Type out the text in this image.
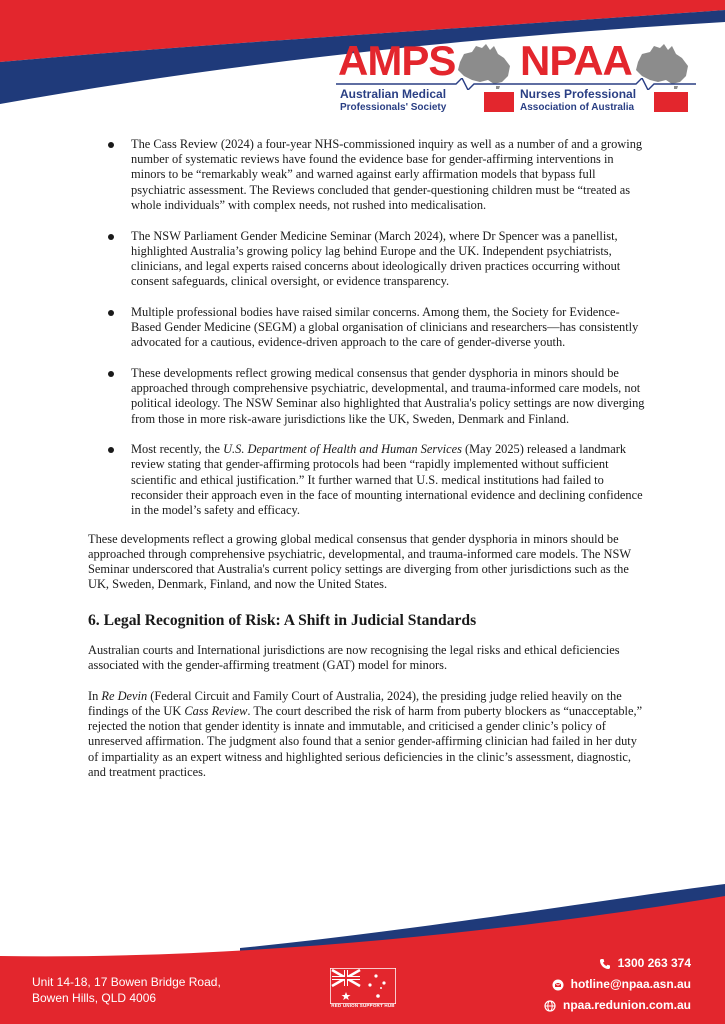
AMPS NPAA
Australian Medical
Professionals' Society
Nurses Professional
Association of Australia
The Cass Review (2024) a four-year NHS-commissioned inquiry as well as a number of and a growing number of systematic reviews have found the evidence base for gender-affirming interventions in minors to be “remarkably weak” and warned against early affirmation models that bypass full psychiatric assessment. The Reviews concluded that gender-questioning children must be “treated as whole individuals” with complex needs, not rushed into medicalisation.
The NSW Parliament Gender Medicine Seminar (March 2024), where Dr Spencer was a panellist, highlighted Australia’s growing policy lag behind Europe and the UK. Independent psychiatrists, clinicians, and legal experts raised concerns about ideologically driven practices occurring without consent safeguards, clinical oversight, or evidence transparency.
Multiple professional bodies have raised similar concerns. Among them, the Society for Evidence-Based Gender Medicine (SEGM) a global organisation of clinicians and researchers—has consistently advocated for a cautious, evidence-driven approach to the care of gender-diverse youth.
These developments reflect growing medical consensus that gender dysphoria in minors should be approached through comprehensive psychiatric, developmental, and trauma-informed care models, not political ideology. The NSW Seminar also highlighted that Australia's policy settings are now diverging from those in more risk-aware jurisdictions like the UK, Sweden, Denmark and Finland.
Most recently, the U.S. Department of Health and Human Services (May 2025) released a landmark review stating that gender-affirming protocols had been “rapidly implemented without sufficient scientific and ethical justification.” It further warned that U.S. medical institutions had failed to reconsider their approach even in the face of mounting international evidence and declining confidence in the model’s safety and efficacy.

These developments reflect a growing global medical consensus that gender dysphoria in minors should be approached through comprehensive psychiatric, developmental, and trauma-informed care models. The NSW Seminar underscored that Australia's current policy settings are diverging from other jurisdictions such as the UK, Sweden, Denmark, Finland, and now the United States.

6. Legal Recognition of Risk: A Shift in Judicial Standards

Australian courts and International jurisdictions are now recognising the legal risks and ethical deficiencies associated with the gender-affirming treatment (GAT) model for minors.

In Re Devin (Federal Circuit and Family Court of Australia, 2024), the presiding judge relied heavily on the findings of the UK Cass Review. The court described the risk of harm from puberty blockers as “unacceptable,” rejected the notion that gender identity is innate and immutable, and criticised a gender clinic’s policy of unreserved affirmation. The judgment also found that a senior gender-affirming clinician had failed in her duty of impartiality as an expert witness and highlighted serious deficiencies in the clinic’s assessment, diagnostic, and treatment practices.

Unit 14-18, 17 Bowen Bridge Road,
Bowen Hills, QLD 4006
RED UNION SUPPORT HUB
1300 263 374
hotline@npaa.asn.au
npaa.redunion.com.au
